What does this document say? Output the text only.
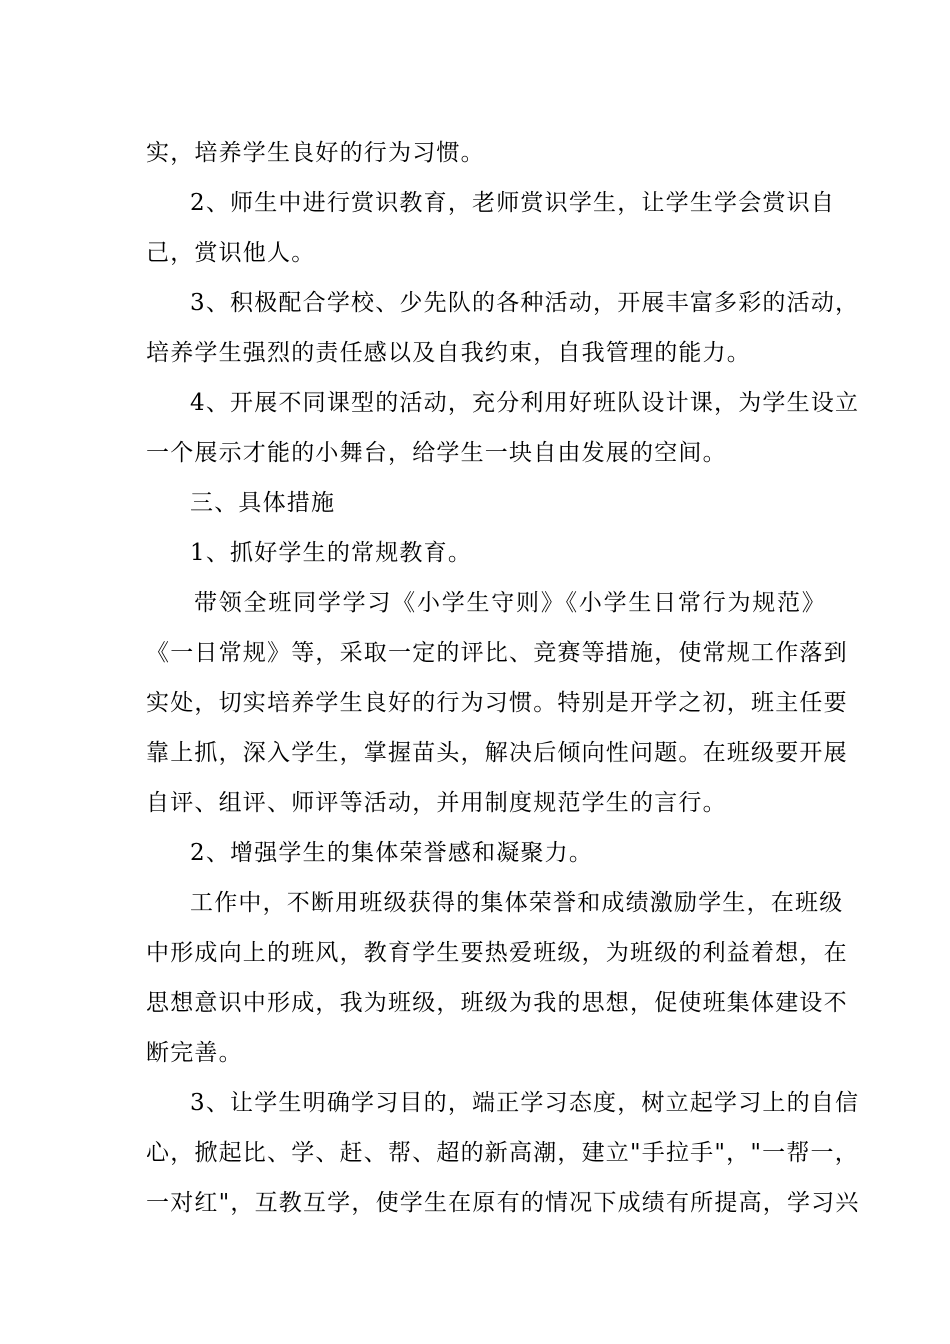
实，培养学生良好的行为习惯。
2、师生中进行赏识教育，老师赏识学生，让学生学会赏识自
己，赏识他人。
3、积极配合学校、少先队的各种活动，开展丰富多彩的活动，
培养学生强烈的责任感以及自我约束，自我管理的能力。
4、开展不同课型的活动，充分利用好班队设计课，为学生设立
一个展示才能的小舞台，给学生一块自由发展的空间。
三、具体措施
1、抓好学生的常规教育。
带领全班同学学习《小学生守则》《小学生日常行为规范》
《一日常规》等，采取一定的评比、竞赛等措施，使常规工作落到
实处，切实培养学生良好的行为习惯。特别是开学之初，班主任要
靠上抓，深入学生，掌握苗头，解决后倾向性问题。在班级要开展
自评、组评、师评等活动，并用制度规范学生的言行。
2、增强学生的集体荣誉感和凝聚力。
工作中，不断用班级获得的集体荣誉和成绩激励学生，在班级
中形成向上的班风，教育学生要热爱班级，为班级的利益着想，在
思想意识中形成，我为班级，班级为我的思想，促使班集体建设不
断完善。
3、让学生明确学习目的，端正学习态度，树立起学习上的自信
心，掀起比、学、赶、帮、超的新高潮，建立"手拉手"，"一帮一，
一对红"，互教互学，使学生在原有的情况下成绩有所提高，学习兴
